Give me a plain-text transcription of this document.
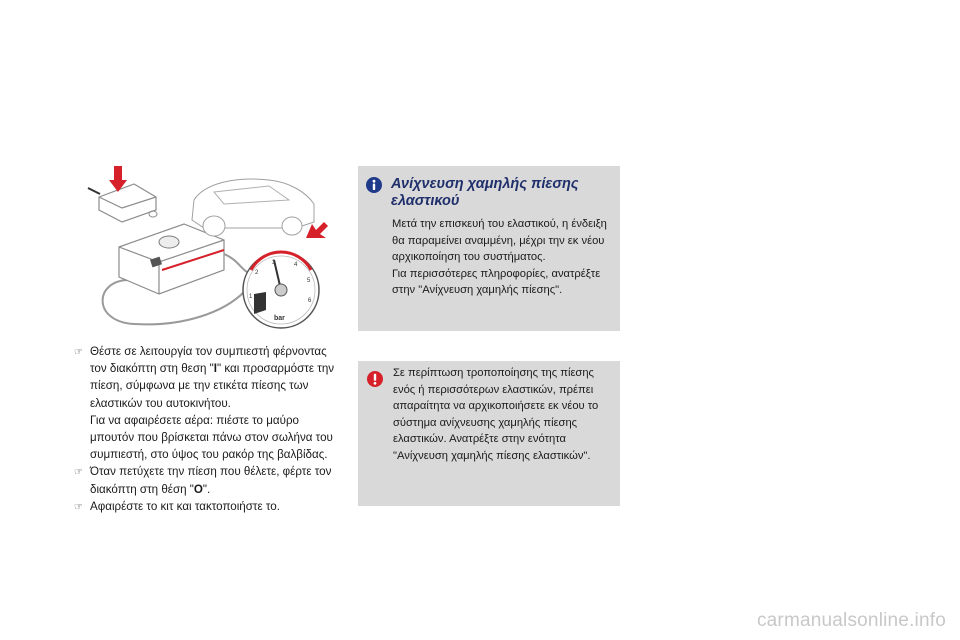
1
2
3	4
5
6
bar
☞ Θέστε σε λειτουργία τον συμπιεστή φέρνοντας τον διακόπτη στη θεση "I" και προσαρμόστε την πίεση, σύμφωνα με την ετικέτα πίεσης των ελαστικών του αυτοκινήτου.
Για να αφαιρέσετε αέρα: πιέστε το μαύρο μπουτόν που βρίσκεται πάνω στον σωλήνα του συμπιεστή, στο ύψος του ρακόρ της βαλβίδας.
☞ Όταν πετύχετε την πίεση που θέλετε, φέρτε τον διακόπτη στη θέση "O".
☞ Αφαιρέστε το κιτ και τακτοποιήστε το.
Ανίχνευση χαμηλής πίεσης ελαστικού
Μετά την επισκευή του ελαστικού, η ένδειξη θα παραμείνει αναμμένη, μέχρι την εκ νέου αρχικοποίηση του συστήματος.
Για περισσότερες πληροφορίες, ανατρέξτε στην "Ανίχνευση χαμηλής πίεσης".
Σε περίπτωση τροποποίησης της πίεσης ενός ή περισσότερων ελαστικών, πρέπει απαραίτητα να αρχικοποιήσετε εκ νέου το σύστημα ανίχνευσης χαμηλής πίεσης ελαστικών. Ανατρέξτε στην ενότητα "Ανίχνευση χαμηλής πίεσης ελαστικών".
carmanualsonline.info
